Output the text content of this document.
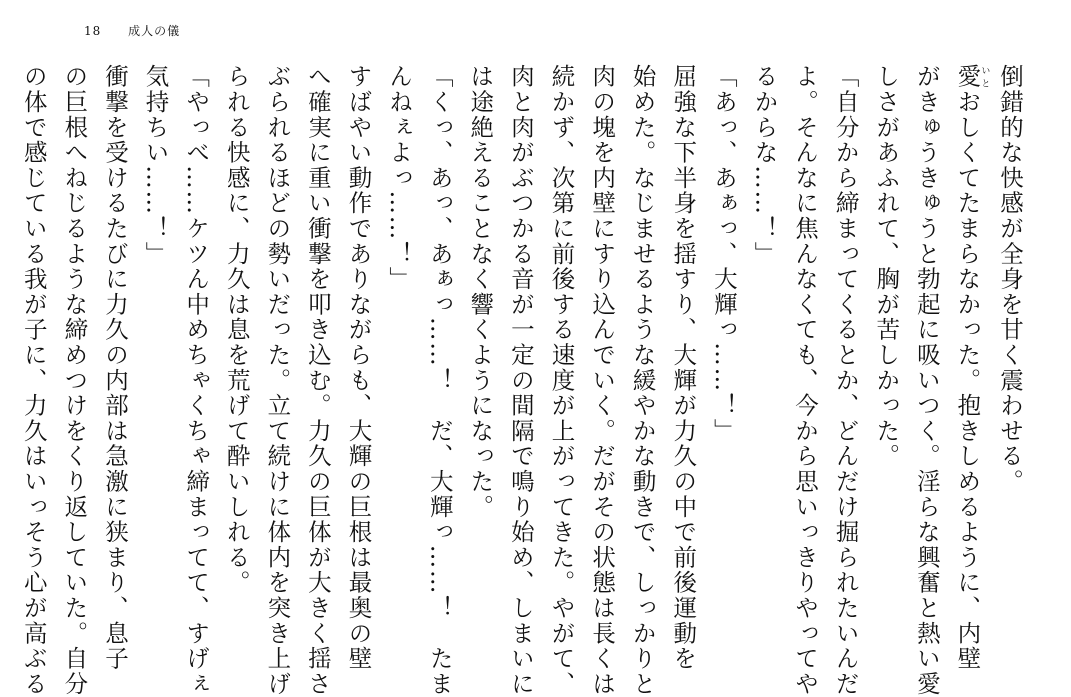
18 成人の儀
倒錯的な快感が全身を甘く震わせる。
愛いとおしくてたまらなかった。抱きしめるように、内壁
がきゅうきゅうと勃起に吸いつく。淫らな興奮と熱い愛
しさがあふれて、胸が苦しかった。
「自分から締まってくるとか、どんだけ掘られたいんだ
よ。そんなに焦んなくても、今から思いっきりやってや
るからな……！」
「あっ、あぁっ、大輝っ……！」
屈強な下半身を揺すり、大輝が力久の中で前後運動を
始めた。なじませるような緩やかな動きで、しっかりと
肉の塊を内壁にすり込んでいく。だがその状態は長くは
続かず、次第に前後する速度が上がってきた。やがて、
肉と肉がぶつかる音が一定の間隔で鳴り始め、しまいに
は途絶えることなく響くようになった。
「くっ、あっ、あぁっ……！　だ、大輝っ……！　たま
んねぇよっ……！」
すばやい動作でありながらも、大輝の巨根は最奥の壁
へ確実に重い衝撃を叩き込む。力久の巨体が大きく揺さ
ぶられるほどの勢いだった。立て続けに体内を突き上げ
られる快感に、力久は息を荒げて酔いしれる。
「やっべ……ケツん中めちゃくちゃ締まってて、すげぇ
気持ちい……！」
衝撃を受けるたびに力久の内部は急激に狭まり、息子
の巨根へねじるような締めつけをくり返していた。自分
の体で感じている我が子に、力久はいっそう心が高ぶる
